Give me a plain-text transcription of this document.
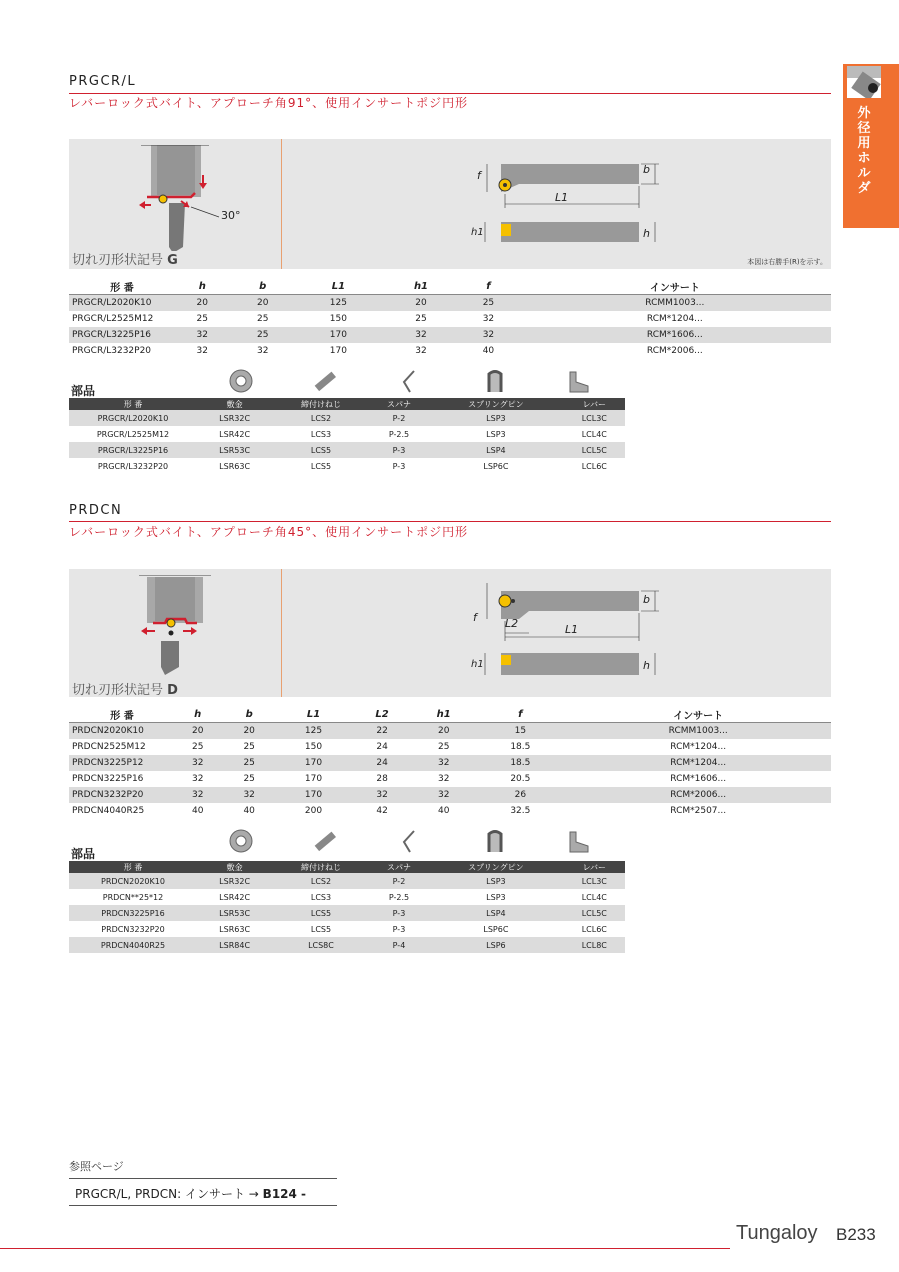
外径用ホルダ
PRGCR/L
レバーロック式バイト、アプローチ角91°、使用インサートポジ円形
30°
f	b
L1
h1	h
切れ刃形状記号 G	本図は右勝手(R)を示す。
形 番	h	b	L1	h1	f	インサート
PRGCR/L2020K10	20	20	125	20	25	RCMM1003...
PRGCR/L2525M12	25	25	150	25	32	RCM*1204...
PRGCR/L3225P16	32	25	170	32	32	RCM*1606...
PRGCR/L3232P20	32	32	170	32	40	RCM*2006...
部品
形 番	敷金	締付けねじ	スパナ	スプリングピン	レバー
PRGCR/L2020K10	LSR32C	LCS2	P-2	LSP3	LCL3C
PRGCR/L2525M12	LSR42C	LCS3	P-2.5	LSP3	LCL4C
PRGCR/L3225P16	LSR53C	LCS5	P-3	LSP4	LCL5C
PRGCR/L3232P20	LSR63C	LCS5	P-3	LSP6C	LCL6C
PRDCN
レバーロック式バイト、アプローチ角45°、使用インサートポジ円形
f
b
L2	L1
h1	h
切れ刃形状記号 D
形 番	h	b	L1	L2	h1	f	インサート
PRDCN2020K10	20	20	125	22	20	15	RCMM1003...
PRDCN2525M12	25	25	150	24	25	18.5	RCM*1204...
PRDCN3225P12	32	25	170	24	32	18.5	RCM*1204...
PRDCN3225P16	32	25	170	28	32	20.5	RCM*1606...
PRDCN3232P20	32	32	170	32	32	26	RCM*2006...
PRDCN4040R25	40	40	200	42	40	32.5	RCM*2507...
部品
形 番	敷金	締付けねじ	スパナ	スプリングピン	レバー
PRDCN2020K10	LSR32C	LCS2	P-2	LSP3	LCL3C
PRDCN**25*12	LSR42C	LCS3	P-2.5	LSP3	LCL4C
PRDCN3225P16	LSR53C	LCS5	P-3	LSP4	LCL5C
PRDCN3232P20	LSR63C	LCS5	P-3	LSP6C	LCL6C
PRDCN4040R25	LSR84C	LCS8C	P-4	LSP6	LCL8C
参照ページ
PRGCR/L, PRDCN: インサート → B124 -
Tungaloy B233
